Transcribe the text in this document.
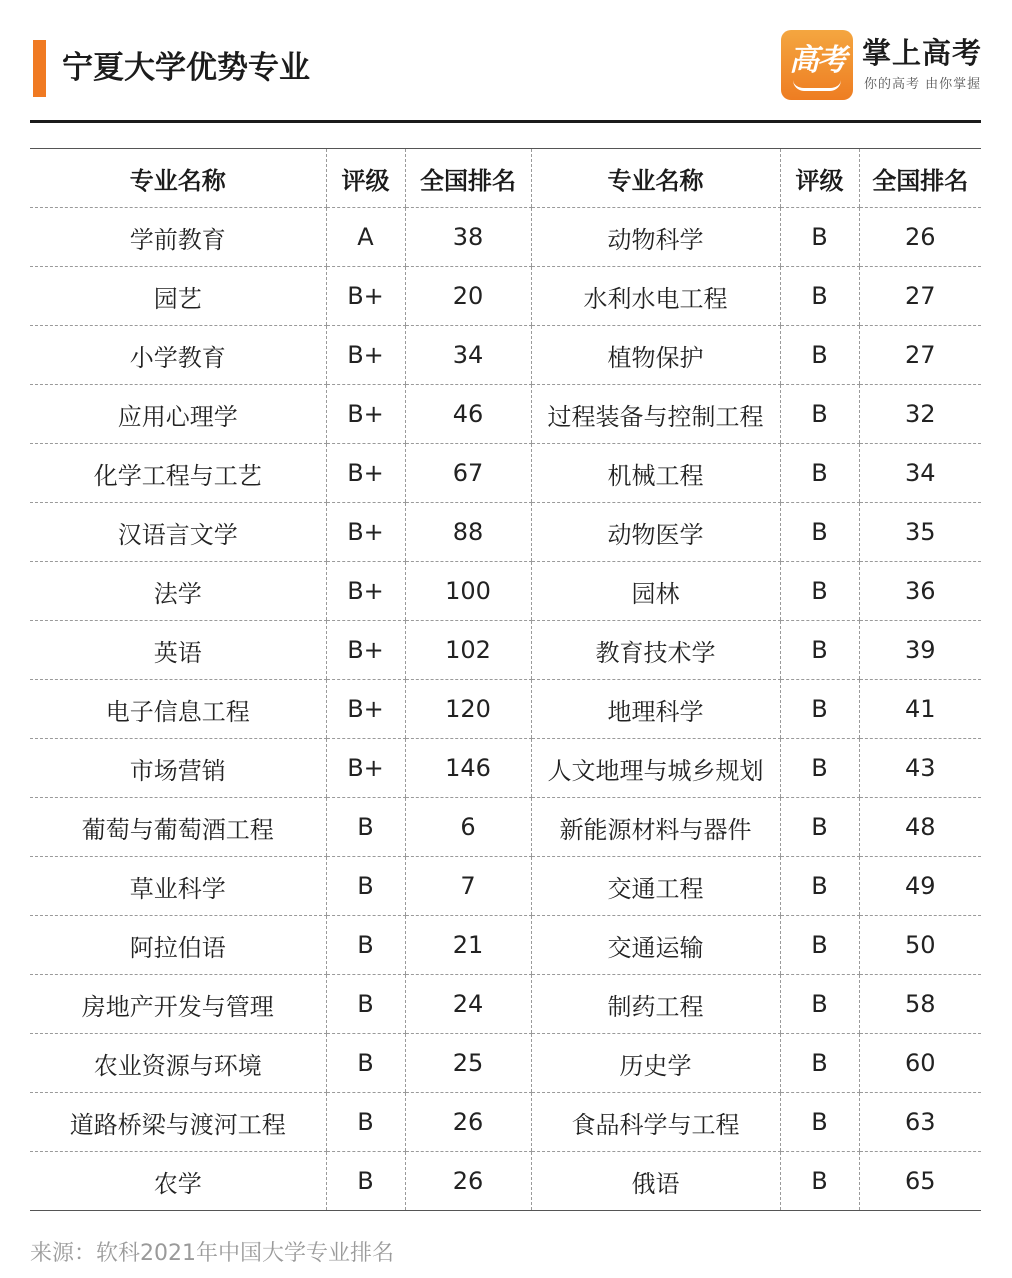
宁夏大学优势专业	高考 掌上高考
你的高考 由你掌握
专业名称	评级	全国排名	专业名称	评级	全国排名
学前教育	A	38	动物科学	B	26
园艺	B+	20	水利水电工程	B	27
小学教育	B+	34	植物保护	B	27
应用心理学	B+	46	过程装备与控制工程	B	32
化学工程与工艺	B+	67	机械工程	B	34
汉语言文学	B+	88	动物医学	B	35
法学	B+	100	园林	B	36
英语	B+	102	教育技术学	B	39
电子信息工程	B+	120	地理科学	B	41
市场营销	B+	146	人文地理与城乡规划	B	43
葡萄与葡萄酒工程	B	6	新能源材料与器件	B	48
草业科学	B	7	交通工程	B	49
阿拉伯语	B	21	交通运输	B	50
房地产开发与管理	B	24	制药工程	B	58
农业资源与环境	B	25	历史学	B	60
道路桥梁与渡河工程	B	26	食品科学与工程	B	63
农学	B	26	俄语	B	65
来源：软科2021年中国大学专业排名
